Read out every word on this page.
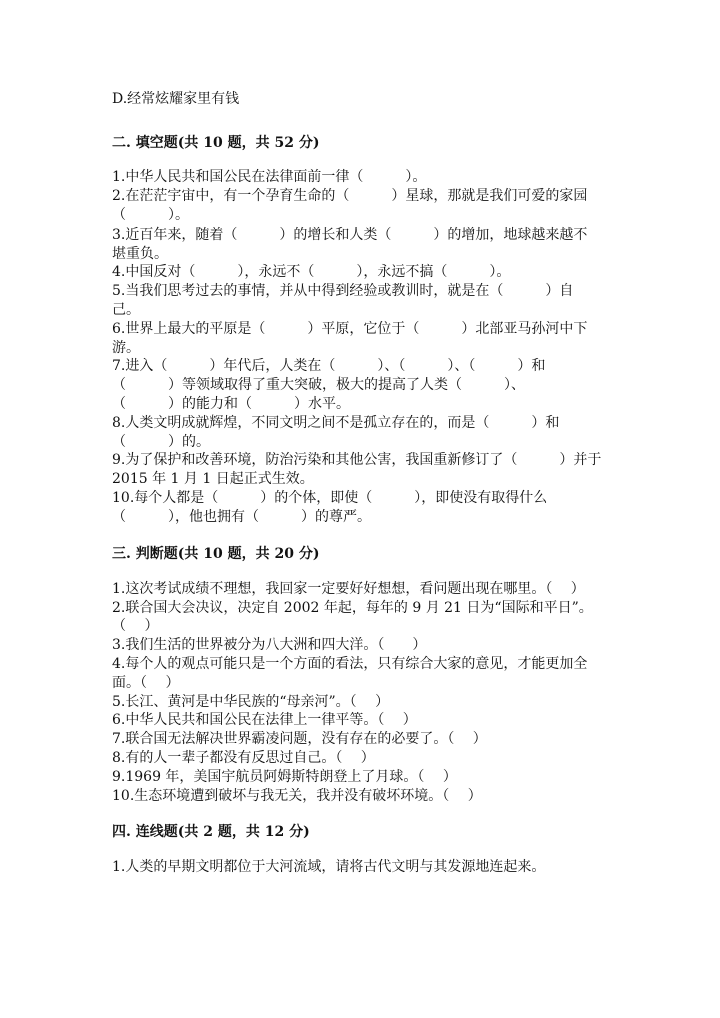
D.经常炫耀家里有钱
二. 填空题(共 10 题，共 52 分)
1.中华人民共和国公民在法律面前一律（　　　）。
2.在茫茫宇宙中，有一个孕育生命的（　　　）星球，那就是我们可爱的家园
（　　　）。
3.近百年来，随着（　　　）的增长和人类（　　　）的增加，地球越来越不
堪重负。
4.中国反对（　　　），永远不（　　　），永远不搞（　　　）。
5.当我们思考过去的事情，并从中得到经验或教训时，就是在（　　　）自
己。
6.世界上最大的平原是（　　　）平原，它位于（　　　）北部亚马孙河中下
游。
7.进入（　　　）年代后，人类在（　　　）、（　　　）、（　　　）和
（　　　）等领域取得了重大突破，极大的提高了人类（　　　）、
（　　　）的能力和（　　　）水平。
8.人类文明成就辉煌，不同文明之间不是孤立存在的，而是（　　　）和
（　　　）的。
9.为了保护和改善环境，防治污染和其他公害，我国重新修订了（　　　）并于
2015 年 1 月 1 日起正式生效。
10.每个人都是（　　　）的个体，即使（　　　），即使没有取得什么
（　　　），他也拥有（　　　）的尊严。
三. 判断题(共 10 题，共 20 分)
1.这次考试成绩不理想，我回家一定要好好想想，看问题出现在哪里。（　 ）
2.联合国大会决议，决定自 2002 年起，每年的 9 月 21 日为“国际和平日”。
（　 ）
3.我们生活的世界被分为八大洲和四大洋。（　　）
4.每个人的观点可能只是一个方面的看法，只有综合大家的意见，才能更加全
面。（　 ）
5.长江、黄河是中华民族的“母亲河”。（　 ）
6.中华人民共和国公民在法律上一律平等。（　 ）
7.联合国无法解决世界霸凌问题，没有存在的必要了。（　 ）
8.有的人一辈子都没有反思过自己。（　 ）
9.1969 年，美国宇航员阿姆斯特朗登上了月球。（　 ）
10.生态环境遭到破坏与我无关，我并没有破坏环境。（　 ）
四. 连线题(共 2 题，共 12 分)
1.人类的早期文明都位于大河流域，请将古代文明与其发源地连起来。
